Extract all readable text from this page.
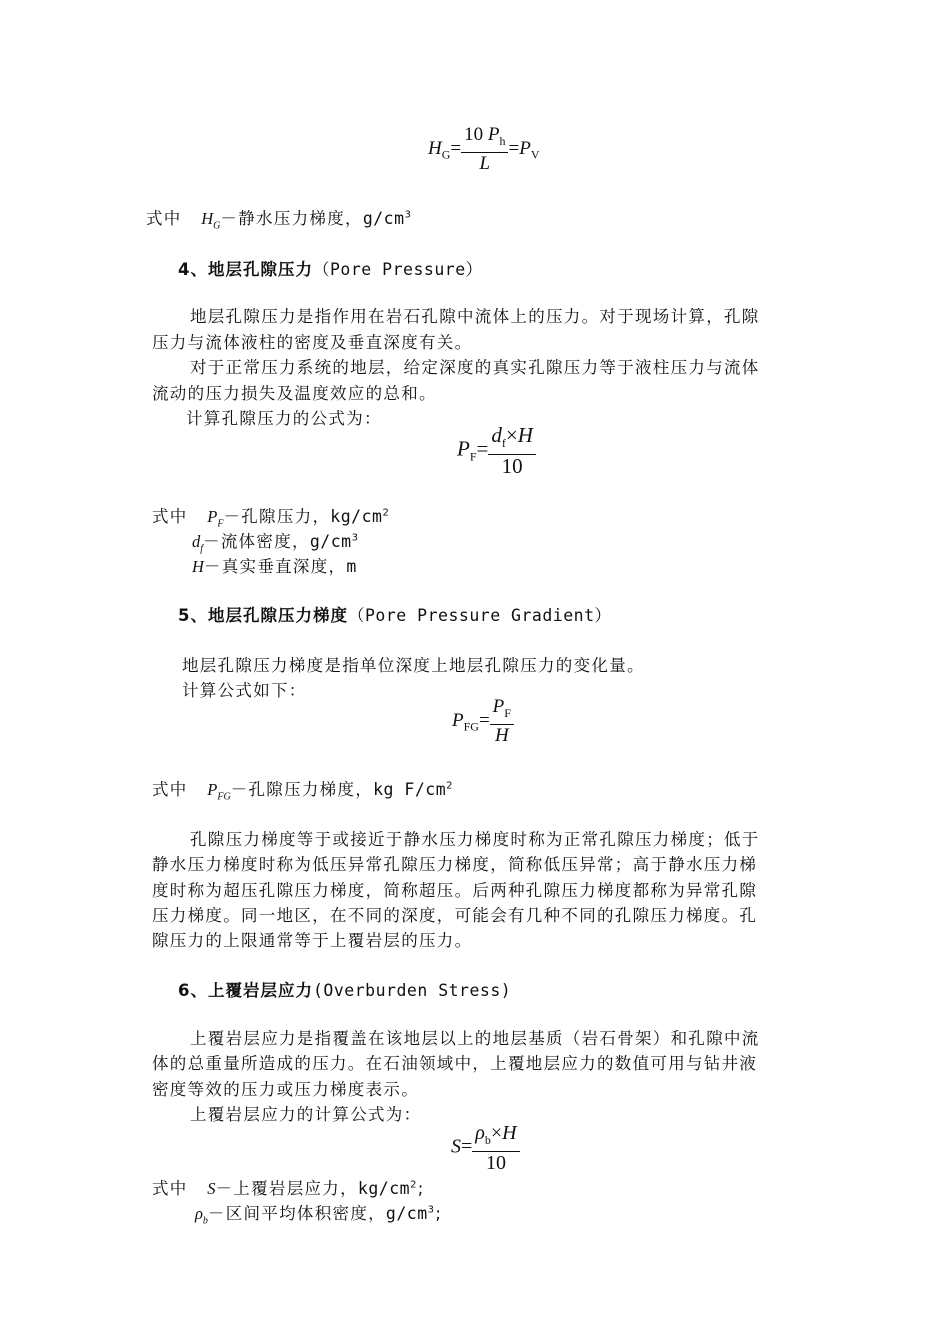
$H_G= \frac{10 P_h}{L} =P_V$
式中 $H_G-$静水压力梯度，$g/cm^3$
4、地层孔隙压力（Pore Pressure）
地层孔隙压力是指作用在岩石孔隙中流体上的压力。对于现场计算，孔隙
压力与流体液柱的密度及垂直深度有关。
对于正常压力系统的地层，给定深度的真实孔隙压力等于液柱压力与流体
流动的压力损失及温度效应的总和。
计算孔隙压力的公式为：
$P_F= \frac{d_f\times H}{10}$
式中 $P_F-$孔隙压力，$kg/cm^2$
$d_f-$流体密度，$g/cm^3$
H－真实垂直深度，m
5、地层孔隙压力梯度（Pore Pressure Gradient）
地层孔隙压力梯度是指单位深度上地层孔隙压力的变化量。
计算公式如下：
$P_{FG}= \frac{P_F}{H}$
式中 $P_{FG}-$孔隙压力梯度，kg $F/cm^2$
孔隙压力梯度等于或接近于静水压力梯度时称为正常孔隙压力梯度；低于
静水压力梯度时称为低压异常孔隙压力梯度，简称低压异常；高于静水压力梯
度时称为超压孔隙压力梯度，简称超压。后两种孔隙压力梯度都称为异常孔隙
压力梯度。同一地区，在不同的深度，可能会有几种不同的孔隙压力梯度。孔
隙压力的上限通常等于上覆岩层的压力。
6、上覆岩层应力(Overburden Stress)
上覆岩层应力是指覆盖在该地层以上的地层基质（岩石骨架）和孔隙中流
体的总重量所造成的压力。在石油领域中，上覆地层应力的数值可用与钻井液
密度等效的压力或压力梯度表示。
上覆岩层应力的计算公式为：
$S= \frac{\rho_b\times H}{10}$
式中 S－上覆岩层应力，$kg/cm^2$;
$\rho_b-$区间平均体积密度，$g/cm^3$;
